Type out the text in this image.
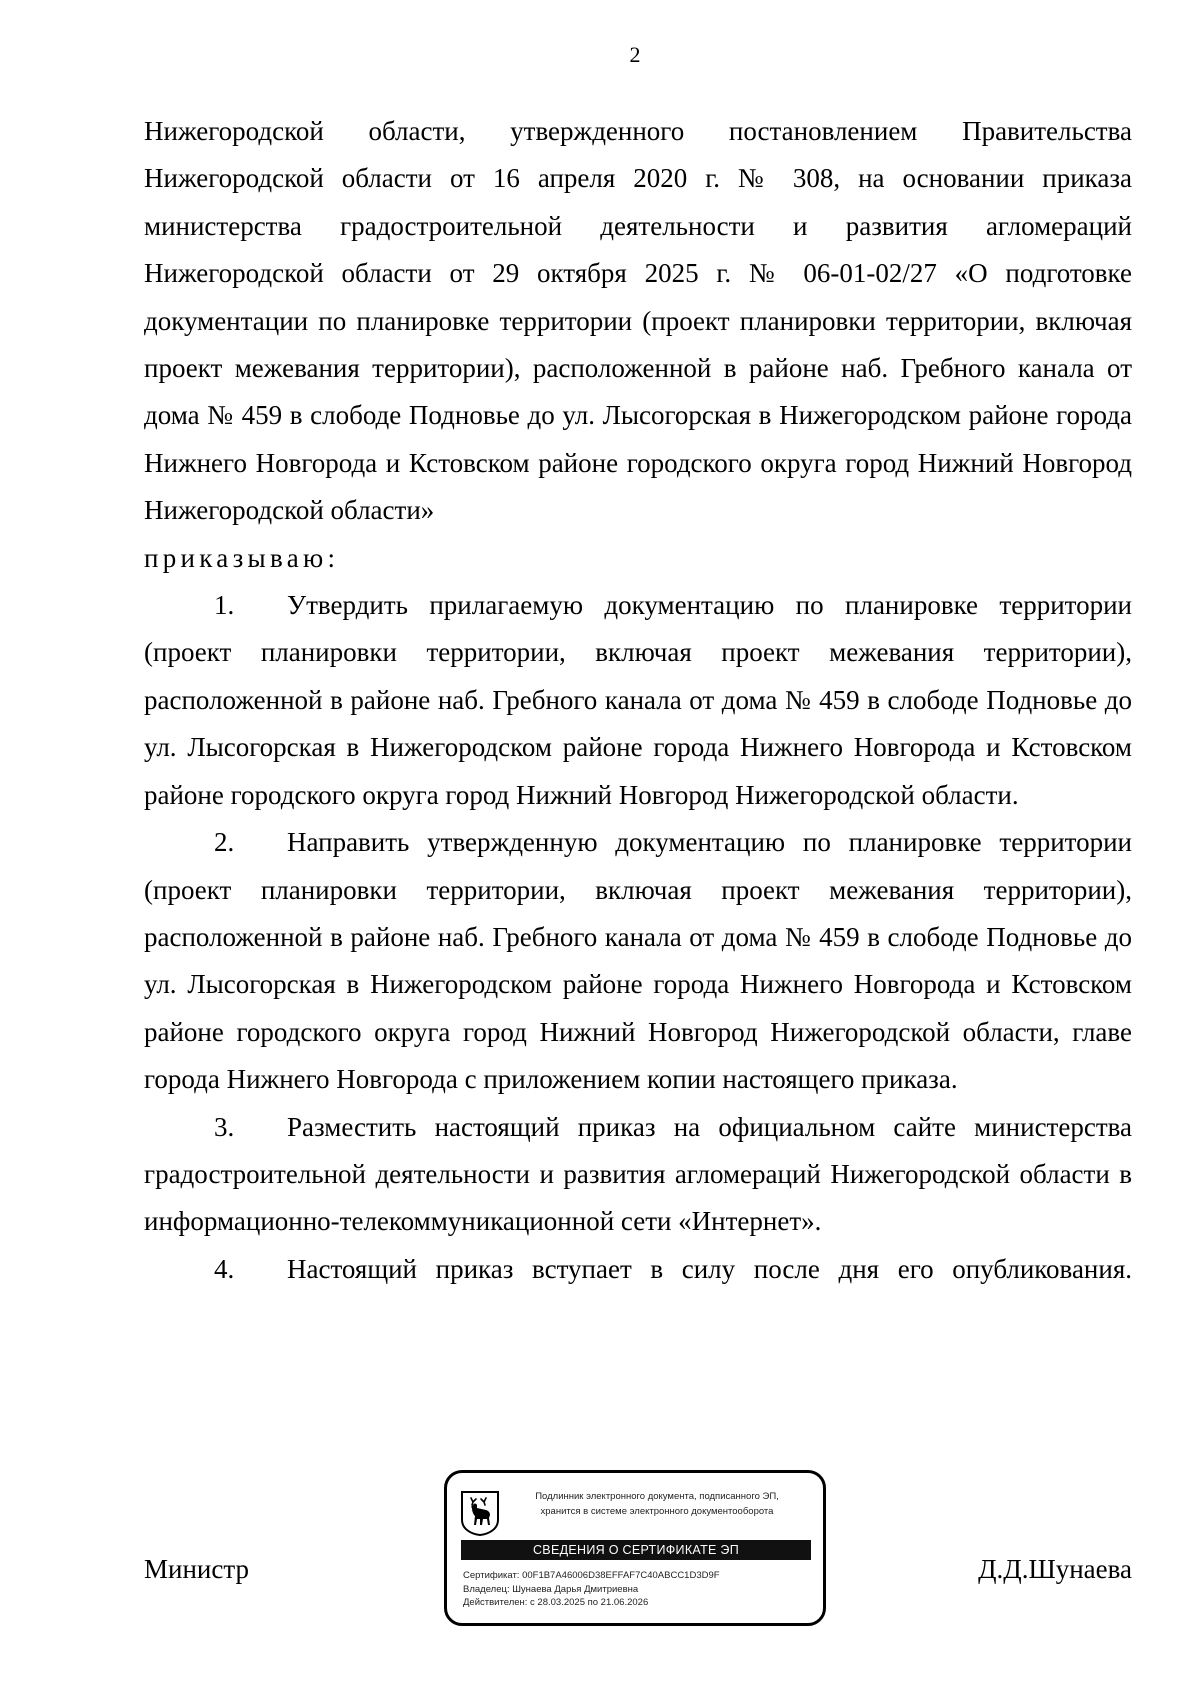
2

Нижегородской области, утвержденного постановлением Правительства Нижегородской области от 16 апреля 2020 г. № 308, на основании приказа министерства градостроительной деятельности и развития агломераций Нижегородской области от 29 октября 2025 г. № 06-01-02/27 «О подготовке документации по планировке территории (проект планировки территории, включая проект межевания территории), расположенной в районе наб. Гребного канала от дома № 459 в слободе Подновье до ул. Лысогорская в Нижегородском районе города Нижнего Новгорода и Кстовском районе городского округа город Нижний Новгород Нижегородской области»

приказываю:

1. Утвердить прилагаемую документацию по планировке территории (проект планировки территории, включая проект межевания территории), расположенной в районе наб. Гребного канала от дома № 459 в слободе Подновье до ул. Лысогорская в Нижегородском районе города Нижнего Новгорода и Кстовском районе городского округа город Нижний Новгород Нижегородской области.

2. Направить утвержденную документацию по планировке территории (проект планировки территории, включая проект межевания территории), расположенной в районе наб. Гребного канала от дома № 459 в слободе Подновье до ул. Лысогорская в Нижегородском районе города Нижнего Новгорода и Кстовском районе городского округа город Нижний Новгород Нижегородской области, главе города Нижнего Новгорода с приложением копии настоящего приказа.

3. Разместить настоящий приказ на официальном сайте министерства градостроительной деятельности и развития агломераций Нижегородской области в информационно-телекоммуникационной сети «Интернет».

4. Настоящий приказ вступает в силу после дня его опубликования.

Министр	Д.Д.Шунаева
Подлинник электронного документа, подписанного ЭП,
хранится в системе электронного документооборота
СВЕДЕНИЯ О СЕРТИФИКАТЕ ЭП
Сертификат: 00F1B7A46006D38EFFAF7C40ABCC1D3D9F
Владелец: Шунаева Дарья Дмитриевна
Действителен: с 28.03.2025 по 21.06.2026
